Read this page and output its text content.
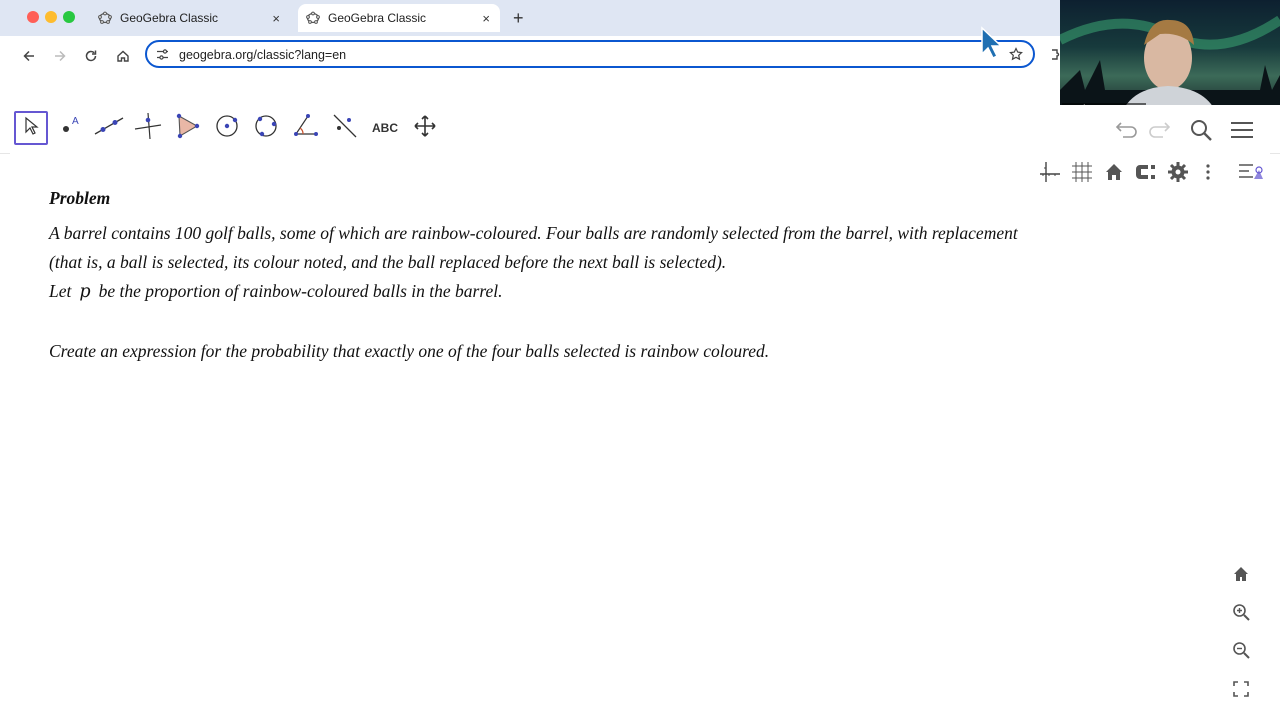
GeoGebra Classic	×	GeoGebra Classic	× +
geogebra.org/classic?lang=en
A	ABC
Problem
A barrel contains 100 golf balls, some of which are rainbow-coloured. Four balls are randomly selected from the barrel, with replacement
(that is, a ball is selected, its colour noted, and the ball replaced before the next ball is selected).
Let p be the proportion of rainbow-coloured balls in the barrel.
Create an expression for the probability that exactly one of the four balls selected is rainbow coloured.
